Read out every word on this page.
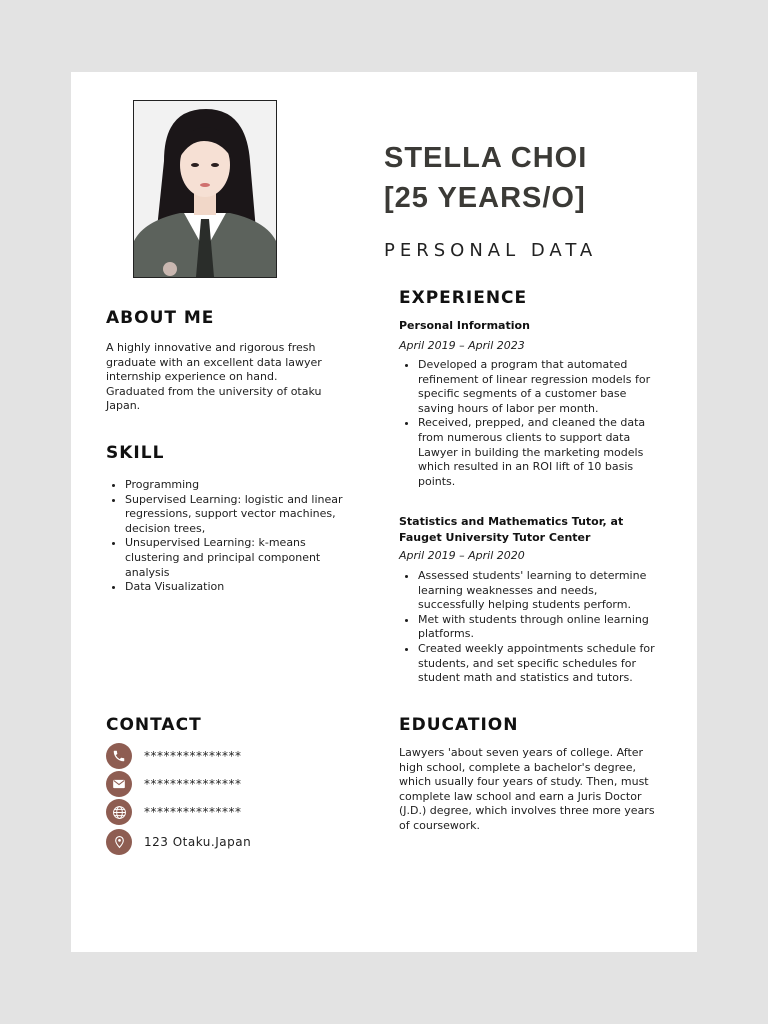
STELLA CHOI
[25 YEARS/O]

PERSONAL DATA

ABOUT ME

A highly innovative and rigorous fresh graduate with an excellent data lawyer internship experience on hand. Graduated from the university of otaku Japan.

SKILL
• Programming
• Supervised Learning: logistic and linear regressions, support vector machines, decision trees,
• Unsupervised Learning: k-means clustering and principal component analysis
• Data Visualization
CONTACT
***************
***************
***************
123 Otaku.Japan
EXPERIENCE

Personal Information

April 2019 – April 2023

• Developed a program that automated refinement of linear regression models for specific segments of a customer base saving hours of labor per month.
• Received, prepped, and cleaned the data from numerous clients to support data Lawyer in building the marketing models which resulted in an ROI lift of 10 basis points.

Statistics and Mathematics Tutor, at Fauget University Tutor Center

April 2019 – April 2020

• Assessed students' learning to determine learning weaknesses and needs, successfully helping students perform.
• Met with students through online learning platforms.
• Created weekly appointments schedule for students, and set specific schedules for student math and statistics and tutors.
EDUCATION

Lawyers 'about seven years of college. After high school, complete a bachelor's degree, which usually four years of study. Then, must complete law school and earn a Juris Doctor (J.D.) degree, which involves three more years of coursework.
